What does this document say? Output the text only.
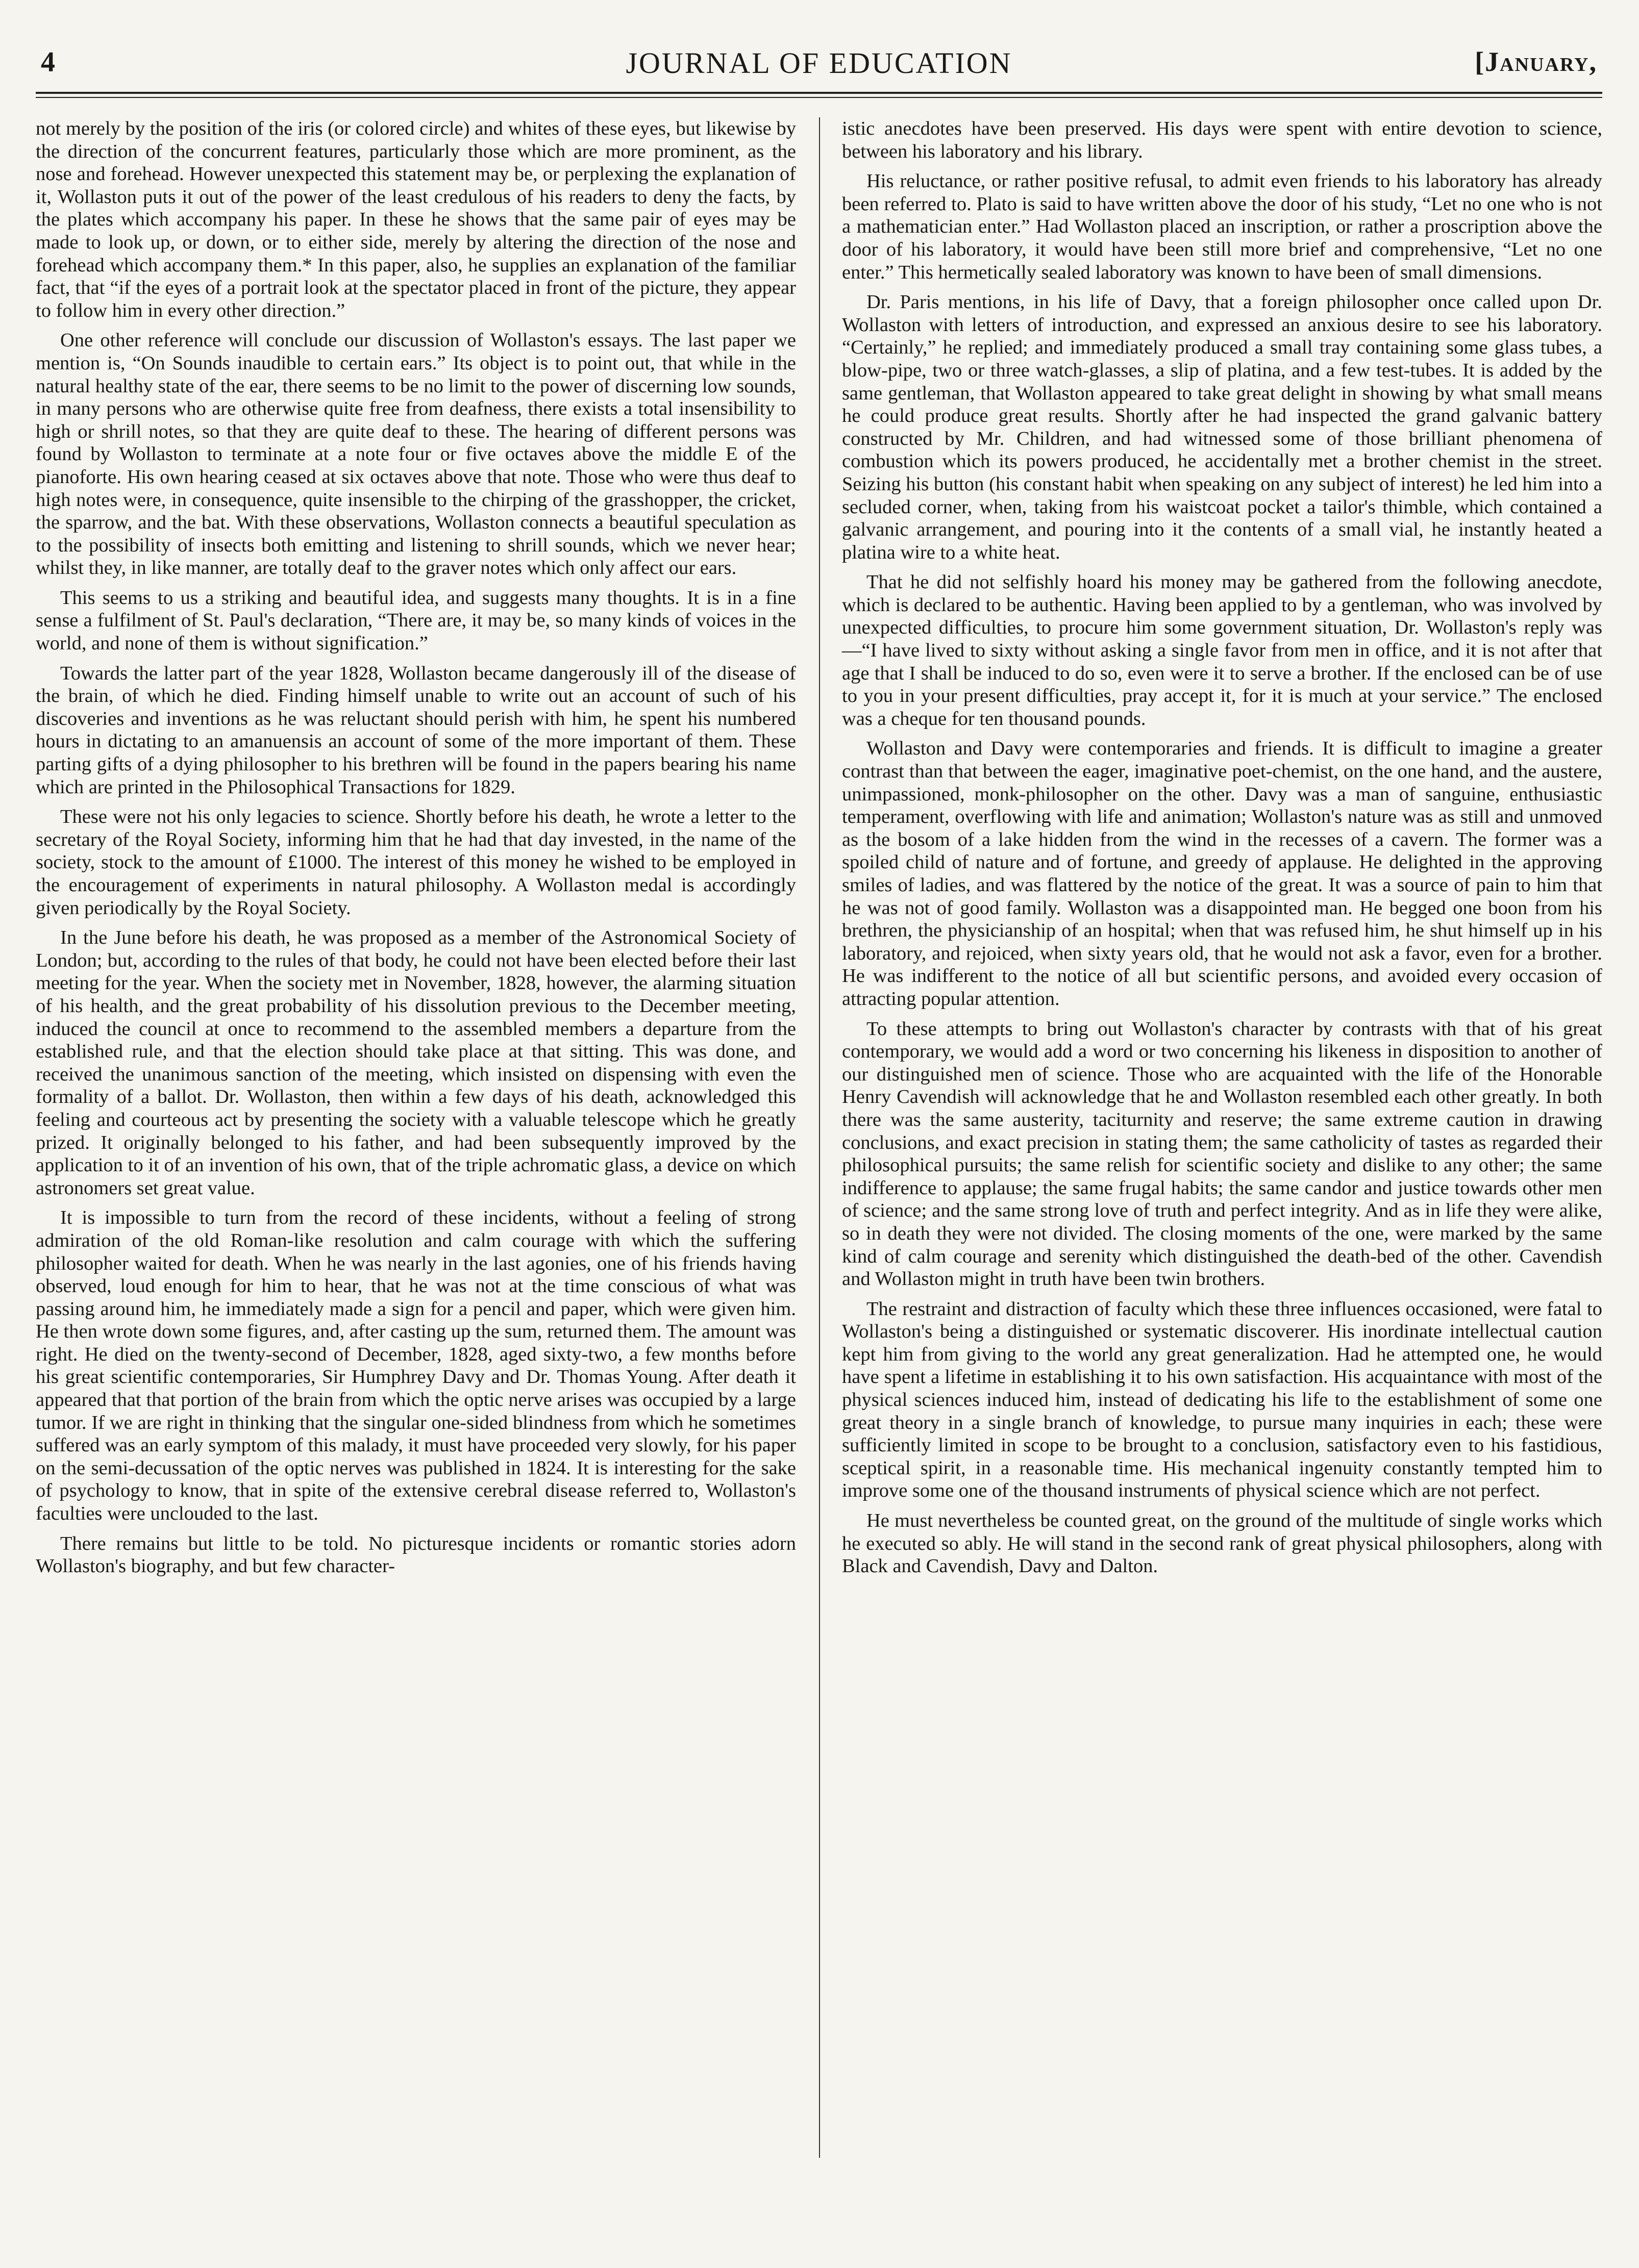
4	JOURNAL OF EDUCATION	[January,

not merely by the position of the iris (or colored circle) and whites of these eyes, but likewise by the direction of the concurrent features, particularly those which are more prominent, as the nose and forehead. However unexpected this statement may be, or perplexing the explanation of it, Wollaston puts it out of the power of the least credulous of his readers to deny the facts, by the plates which accompany his paper. In these he shows that the same pair of eyes may be made to look up, or down, or to either side, merely by altering the direction of the nose and forehead which accompany them.* In this paper, also, he supplies an explanation of the familiar fact, that “if the eyes of a portrait look at the spectator placed in front of the picture, they appear to follow him in every other direction.”

One other reference will conclude our discussion of Wollaston's essays. The last paper we mention is, “On Sounds inaudible to certain ears.” Its object is to point out, that while in the natural healthy state of the ear, there seems to be no limit to the power of discerning low sounds, in many persons who are otherwise quite free from deafness, there exists a total insensibility to high or shrill notes, so that they are quite deaf to these. The hearing of different persons was found by Wollaston to terminate at a note four or five octaves above the middle E of the pianoforte. His own hearing ceased at six octaves above that note. Those who were thus deaf to high notes were, in consequence, quite insensible to the chirping of the grasshopper, the cricket, the sparrow, and the bat. With these observations, Wollaston connects a beautiful speculation as to the possibility of insects both emitting and listening to shrill sounds, which we never hear; whilst they, in like manner, are totally deaf to the graver notes which only affect our ears.

This seems to us a striking and beautiful idea, and suggests many thoughts. It is in a fine sense a fulfilment of St. Paul's declaration, “There are, it may be, so many kinds of voices in the world, and none of them is without signification.”

Towards the latter part of the year 1828, Wollaston became dangerously ill of the disease of the brain, of which he died. Finding himself unable to write out an account of such of his discoveries and inventions as he was reluctant should perish with him, he spent his numbered hours in dictating to an amanuensis an account of some of the more important of them. These parting gifts of a dying philosopher to his brethren will be found in the papers bearing his name which are printed in the Philosophical Transactions for 1829.

These were not his only legacies to science. Shortly before his death, he wrote a letter to the secretary of the Royal Society, informing him that he had that day invested, in the name of the society, stock to the amount of £1000. The interest of this money he wished to be employed in the encouragement of experiments in natural philosophy. A Wollaston medal is accordingly given periodically by the Royal Society.

In the June before his death, he was proposed as a member of the Astronomical Society of London; but, according to the rules of that body, he could not have been elected before their last meeting for the year. When the society met in November, 1828, however, the alarming situation of his health, and the great probability of his dissolution previous to the December meeting, induced the council at once to recommend to the assembled members a departure from the established rule, and that the election should take place at that sitting. This was done, and received the unanimous sanction of the meeting, which insisted on dispensing with even the formality of a ballot. Dr. Wollaston, then within a few days of his death, acknowledged this feeling and courteous act by presenting the society with a valuable telescope which he greatly prized. It originally belonged to his father, and had been subsequently improved by the application to it of an invention of his own, that of the triple achromatic glass, a device on which astronomers set great value.

It is impossible to turn from the record of these incidents, without a feeling of strong admiration of the old Roman-like resolution and calm courage with which the suffering philosopher waited for death. When he was nearly in the last agonies, one of his friends having observed, loud enough for him to hear, that he was not at the time conscious of what was passing around him, he immediately made a sign for a pencil and paper, which were given him. He then wrote down some figures, and, after casting up the sum, returned them. The amount was right. He died on the twenty-second of December, 1828, aged sixty-two, a few months before his great scientific contemporaries, Sir Humphrey Davy and Dr. Thomas Young. After death it appeared that that portion of the brain from which the optic nerve arises was occupied by a large tumor. If we are right in thinking that the singular one-sided blindness from which he sometimes suffered was an early symptom of this malady, it must have proceeded very slowly, for his paper on the semi-decussation of the optic nerves was published in 1824. It is interesting for the sake of psychology to know, that in spite of the extensive cerebral disease referred to, Wollaston's faculties were unclouded to the last.

There remains but little to be told. No picturesque incidents or romantic stories adorn Wollaston's biography, and but few character-

istic anecdotes have been preserved. His days were spent with entire devotion to science, between his laboratory and his library.

His reluctance, or rather positive refusal, to admit even friends to his laboratory has already been referred to. Plato is said to have written above the door of his study, “Let no one who is not a mathematician enter.” Had Wollaston placed an inscription, or rather a proscription above the door of his laboratory, it would have been still more brief and comprehensive, “Let no one enter.” This hermetically sealed laboratory was known to have been of small dimensions.

Dr. Paris mentions, in his life of Davy, that a foreign philosopher once called upon Dr. Wollaston with letters of introduction, and expressed an anxious desire to see his laboratory. “Certainly,” he replied; and immediately produced a small tray containing some glass tubes, a blow-pipe, two or three watch-glasses, a slip of platina, and a few test-tubes. It is added by the same gentleman, that Wollaston appeared to take great delight in showing by what small means he could produce great results. Shortly after he had inspected the grand galvanic battery constructed by Mr. Children, and had witnessed some of those brilliant phenomena of combustion which its powers produced, he accidentally met a brother chemist in the street. Seizing his button (his constant habit when speaking on any subject of interest) he led him into a secluded corner, when, taking from his waistcoat pocket a tailor's thimble, which contained a galvanic arrangement, and pouring into it the contents of a small vial, he instantly heated a platina wire to a white heat.

That he did not selfishly hoard his money may be gathered from the following anecdote, which is declared to be authentic. Having been applied to by a gentleman, who was involved by unexpected difficulties, to procure him some government situation, Dr. Wollaston's reply was—“I have lived to sixty without asking a single favor from men in office, and it is not after that age that I shall be induced to do so, even were it to serve a brother. If the enclosed can be of use to you in your present difficulties, pray accept it, for it is much at your service.” The enclosed was a cheque for ten thousand pounds.

Wollaston and Davy were contemporaries and friends. It is difficult to imagine a greater contrast than that between the eager, imaginative poet-chemist, on the one hand, and the austere, unimpassioned, monk-philosopher on the other. Davy was a man of sanguine, enthusiastic temperament, overflowing with life and animation; Wollaston's nature was as still and unmoved as the bosom of a lake hidden from the wind in the recesses of a cavern. The former was a spoiled child of nature and of fortune, and greedy of applause. He delighted in the approving smiles of ladies, and was flattered by the notice of the great. It was a source of pain to him that he was not of good family. Wollaston was a disappointed man. He begged one boon from his brethren, the physicianship of an hospital; when that was refused him, he shut himself up in his laboratory, and rejoiced, when sixty years old, that he would not ask a favor, even for a brother. He was indifferent to the notice of all but scientific persons, and avoided every occasion of attracting popular attention.

To these attempts to bring out Wollaston's character by contrasts with that of his great contemporary, we would add a word or two concerning his likeness in disposition to another of our distinguished men of science. Those who are acquainted with the life of the Honorable Henry Cavendish will acknowledge that he and Wollaston resembled each other greatly. In both there was the same austerity, taciturnity and reserve; the same extreme caution in drawing conclusions, and exact precision in stating them; the same catholicity of tastes as regarded their philosophical pursuits; the same relish for scientific society and dislike to any other; the same indifference to applause; the same frugal habits; the same candor and justice towards other men of science; and the same strong love of truth and perfect integrity. And as in life they were alike, so in death they were not divided. The closing moments of the one, were marked by the same kind of calm courage and serenity which distinguished the death-bed of the other. Cavendish and Wollaston might in truth have been twin brothers.

The restraint and distraction of faculty which these three influences occasioned, were fatal to Wollaston's being a distinguished or systematic discoverer. His inordinate intellectual caution kept him from giving to the world any great generalization. Had he attempted one, he would have spent a lifetime in establishing it to his own satisfaction. His acquaintance with most of the physical sciences induced him, instead of dedicating his life to the establishment of some one great theory in a single branch of knowledge, to pursue many inquiries in each; these were sufficiently limited in scope to be brought to a conclusion, satisfactory even to his fastidious, sceptical spirit, in a reasonable time. His mechanical ingenuity constantly tempted him to improve some one of the thousand instruments of physical science which are not perfect.

He must nevertheless be counted great, on the ground of the multitude of single works which he executed so ably. He will stand in the second rank of great physical philosophers, along with Black and Cavendish, Davy and Dalton.
